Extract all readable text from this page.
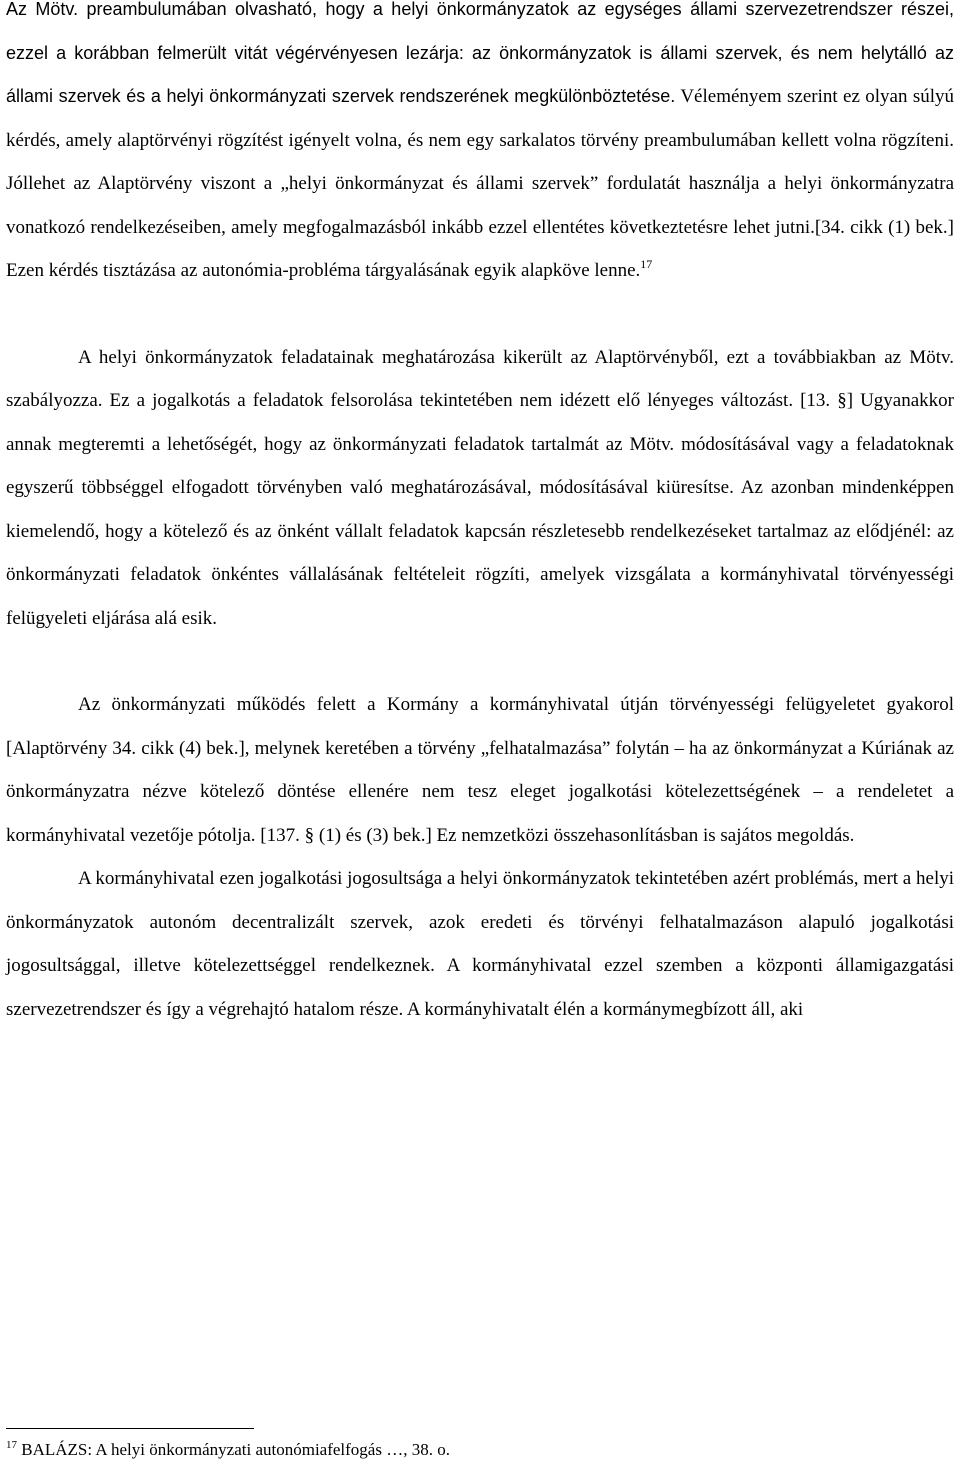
Az Mötv. preambulumában olvasható, hogy a helyi önkormányzatok az egységes állami szervezetrendszer részei, ezzel a korábban felmerült vitát végérvényesen lezárja: az önkormányzatok is állami szervek, és nem helytálló az állami szervek és a helyi önkormányzati szervek rendszerének megkülönböztetése. Véleményem szerint ez olyan súlyú kérdés, amely alaptörvényi rögzítést igényelt volna, és nem egy sarkalatos törvény preambulumában kellett volna rögzíteni. Jóllehet az Alaptörvény viszont a „helyi önkormányzat és állami szervek” fordulatát használja a helyi önkormányzatra vonatkozó rendelkezéseiben, amely megfogalmazásból inkább ezzel ellentétes következtetésre lehet jutni.[34. cikk (1) bek.] Ezen kérdés tisztázása az autonómia-probléma tárgyalásának egyik alapköve lenne.$^{17}$

A helyi önkormányzatok feladatainak meghatározása kikerült az Alaptörvényből, ezt a továbbiakban az Mötv. szabályozza. Ez a jogalkotás a feladatok felsorolása tekintetében nem idézett elő lényeges változást. [13. §] Ugyanakkor annak megteremti a lehetőségét, hogy az önkormányzati feladatok tartalmát az Mötv. módosításával vagy a feladatoknak egyszerű többséggel elfogadott törvényben való meghatározásával, módosításával kiüresítse. Az azonban mindenképpen kiemelendő, hogy a kötelező és az önként vállalt feladatok kapcsán részletesebb rendelkezéseket tartalmaz az elődjénél: az önkormányzati feladatok önkéntes vállalásának feltételeit rögzíti, amelyek vizsgálata a kormányhivatal törvényességi felügyeleti eljárása alá esik.

Az önkormányzati működés felett a Kormány a kormányhivatal útján törvényességi felügyeletet gyakorol [Alaptörvény 34. cikk (4) bek.], melynek keretében a törvény „felhatalmazása” folytán – ha az önkormányzat a Kúriának az önkormányzatra nézve kötelező döntése ellenére nem tesz eleget jogalkotási kötelezettségének – a rendeletet a kormányhivatal vezetője pótolja. [137. § (1) és (3) bek.] Ez nemzetközi összehasonlításban is sajátos megoldás.

A kormányhivatal ezen jogalkotási jogosultsága a helyi önkormányzatok tekintetében azért problémás, mert a helyi önkormányzatok autonóm decentralizált szervek, azok eredeti és törvényi felhatalmazáson alapuló jogalkotási jogosultsággal, illetve kötelezettséggel rendelkeznek. A kormányhivatal ezzel szemben a központi államigazgatási szervezetrendszer és így a végrehajtó hatalom része. A kormányhivatalt élén a kormánymegbízott áll, aki

$^{17}$ BALÁZS: A helyi önkormányzati autonómiafelfogás …, 38. o.
